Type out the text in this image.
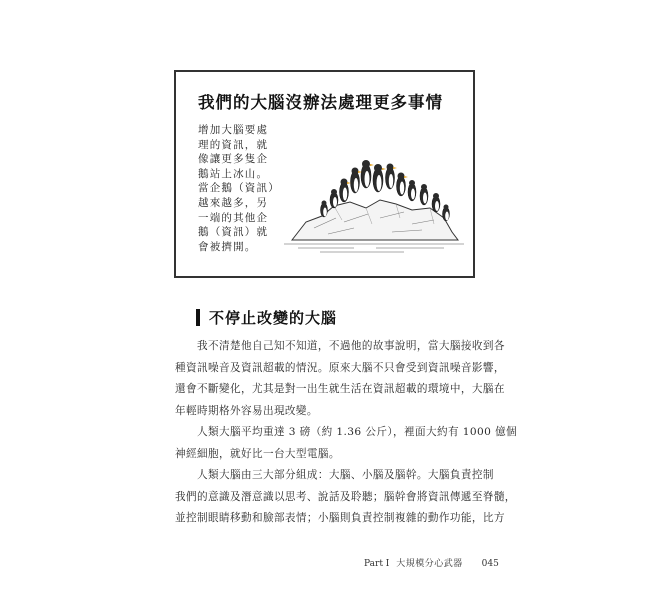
我們的大腦沒辦法處理更多事情

增加大腦要處
理的資訊，就
像讓更多隻企
鵝站上冰山。
當企鵝（資訊）
越來越多，另
一端的其他企
鵝（資訊）就
會被擠開。

不停止改變的大腦
我不清楚他自己知不知道，不過他的故事說明，當大腦接收到各
種資訊噪音及資訊超載的情況。原來大腦不只會受到資訊噪音影響，
還會不斷變化，尤其是對一出生就生活在資訊超載的環境中，大腦在
年輕時期格外容易出現改變。
人類大腦平均重達 3 磅（約 1.36 公斤），裡面大約有 1000 億個
神經細胞，就好比一台大型電腦。
人類大腦由三大部分組成：大腦、小腦及腦幹。大腦負責控制
我們的意識及潛意識以思考、說話及聆聽；腦幹會將資訊傳遞至脊髓，
並控制眼睛移動和臉部表情；小腦則負責控制複雜的動作功能，比方
Part I 大規模分心武器 045
